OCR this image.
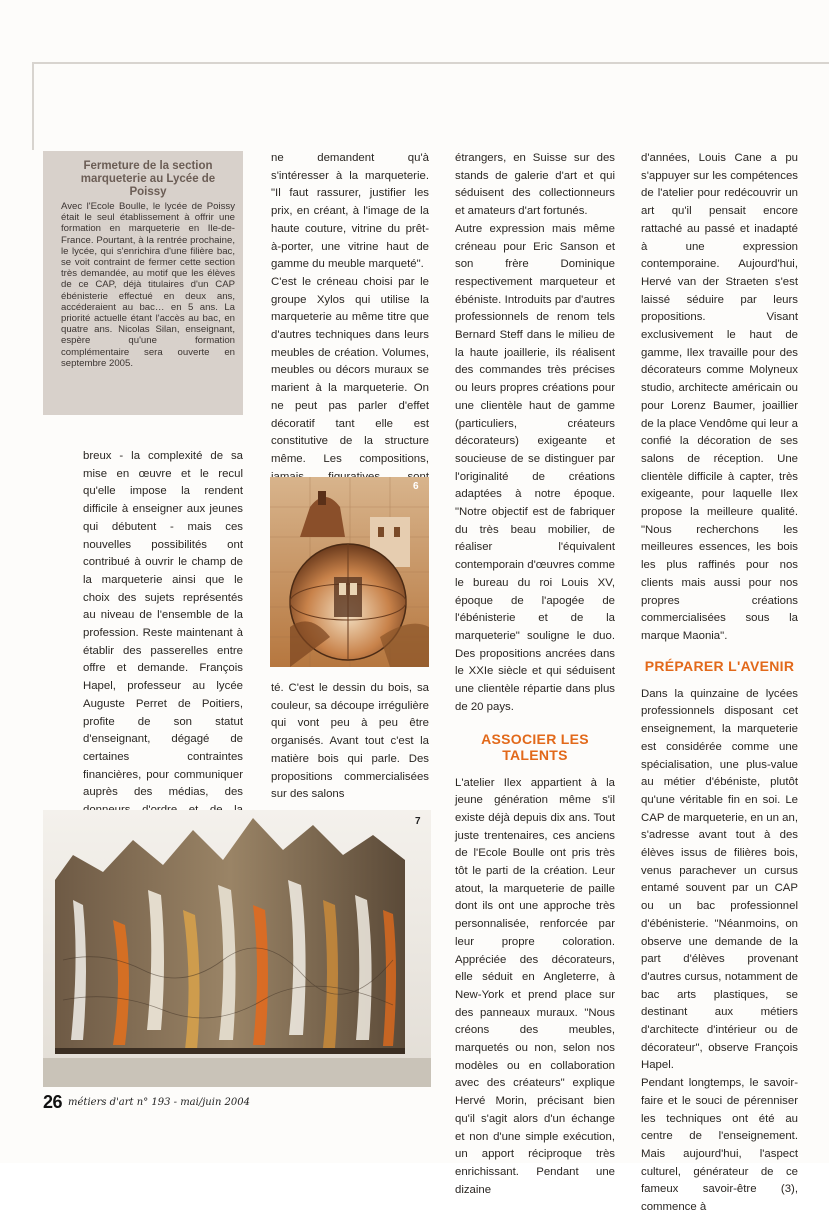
Fermeture de la section marqueterie au Lycée de Poissy

Avec l'Ecole Boulle, le lycée de Poissy était le seul établissement à offrir une formation en marqueterie en Ile-de-France. Pourtant, à la rentrée prochaine, le lycée, qui s'enrichira d'une filière bac, se voit contraint de fermer cette section très demandée, au motif que les élèves de ce CAP, déjà titulaires d'un CAP ébénisterie effectué en deux ans, accéderaient au bac… en 5 ans. La priorité actuelle étant l'accès au bac, en quatre ans. Nicolas Silan, enseignant, espère qu'une formation complémentaire sera ouverte en septembre 2005.

breux - la complexité de sa mise en œuvre et le recul qu'elle impose la rendent difficile à enseigner aux jeunes qui débutent - mais ces nouvelles possibilités ont contribué à ouvrir le champ de la marqueterie ainsi que le choix des sujets représentés au niveau de l'ensemble de la profession. Reste maintenant à établir des passerelles entre offre et demande. François Hapel, professeur au lycée Auguste Perret de Poitiers, profite de son statut d'enseignant, dégagé de certaines contraintes financières, pour communiquer auprès des médias, des

ne demandent qu'à s'intéresser à la marqueterie. "Il faut rassurer, justifier les prix, en créant, à l'image de la haute couture, vitrine du prêt-à-porter, une vitrine haut de gamme du meuble marqueté".

C'est le créneau choisi par le groupe Xylos qui utilise la marqueterie au même titre que d'autres techniques dans leurs meubles de création. Volumes, meubles ou décors muraux se marient à la marqueterie. On ne peut pas parler d'effet décoratif tant elle est constitutive de la structure même. Les compositions,

6

té. C'est le dessin du bois, sa couleur, sa découpe irrégulière qui vont peu à peu être organisés. Avant tout c'est la matière bois qui parle. Des propositions commercialisées sur des salons

étrangers, en Suisse sur des stands de galerie d'art et qui séduisent des collectionneurs et amateurs d'art fortunés.

Autre expression mais même créneau pour Eric Sanson et son frère Dominique respectivement marqueteur et ébéniste. Introduits par d'autres professionnels de renom tels Bernard Steff dans le milieu de la haute joaillerie, ils réalisent des commandes très précises ou leurs propres créations pour une clientèle haut de gamme (particuliers, créateurs décorateurs) exigeante et soucieuse de se distinguer par l'originalité de créations adaptées à notre époque. "Notre objectif est de fabriquer du très beau mobilier, de réaliser l'équivalent contemporain d'œuvres comme le bureau du roi Louis XV, époque de l'apogée de l'ébénisterie et de la marqueterie" souligne le duo. Des propositions ancrées dans le XXIe siècle et qui séduisent une clientèle répartie dans plus de 20 pays.

ASSOCIER LES TALENTS

L'atelier Ilex appartient à la jeune génération même s'il existe déjà depuis dix ans. Tout juste trentenaires, ces anciens de l'Ecole Boulle ont pris très tôt le parti de la création. Leur atout, la marqueterie de paille dont ils ont une approche très personnalisée, renforcée par leur propre coloration. Appréciée des décorateurs, elle séduit en Angleterre, à New-York et prend place sur des panneaux muraux. "Nous créons des meubles, marquetés ou non, selon nos modèles ou en collaboration avec des créateurs" explique Hervé Morin, précisant bien qu'il s'agit alors d'un échange et non d'une simple exécution, un apport réciproque très enrichissant. Pendant une dizaine

d'années, Louis Cane a pu s'appuyer sur les compétences de l'atelier pour redécouvrir un art qu'il pensait encore rattaché au passé et inadapté à une expression contemporaine. Aujourd'hui, Hervé van der Straeten s'est laissé séduire par leurs propositions. Visant exclusivement le haut de gamme, Ilex travaille pour des décorateurs comme Molyneux studio, architecte américain ou pour Lorenz Baumer, joaillier de la place Vendôme qui leur a confié la décoration de ses salons de réception. Une clientèle difficile à capter, très exigeante, pour laquelle Ilex propose la meilleure qualité. "Nous recherchons les meilleures essences, les bois les plus raffinés pour nos clients mais aussi pour nos propres créations commercialisées sous la marque Maonia".

PRÉPARER L'AVENIR

Dans la quinzaine de lycées professionnels disposant cet enseignement, la marqueterie est considérée comme une spécialisation, une plus-value au métier d'ébéniste, plutôt qu'une véritable fin en soi. Le CAP de marqueterie, en un an, s'adresse avant tout à des élèves issus de filières bois, venus parachever un cursus entamé souvent par un CAP ou un bac professionnel d'ébénisterie. "Néanmoins, on observe une demande de la part d'élèves provenant d'autres cursus, notamment de bac arts plastiques, se destinant aux métiers d'architecte d'intérieur ou de décorateur", observe François Hapel.

Pendant longtemps, le savoir-faire et le souci de pérenniser les techniques ont été au centre de l'enseignement. Mais aujourd'hui, l'aspect culturel, générateur de ce fameux savoir-être (3), commence à

7
26 métiers d'art n° 193 - mai/juin 2004
